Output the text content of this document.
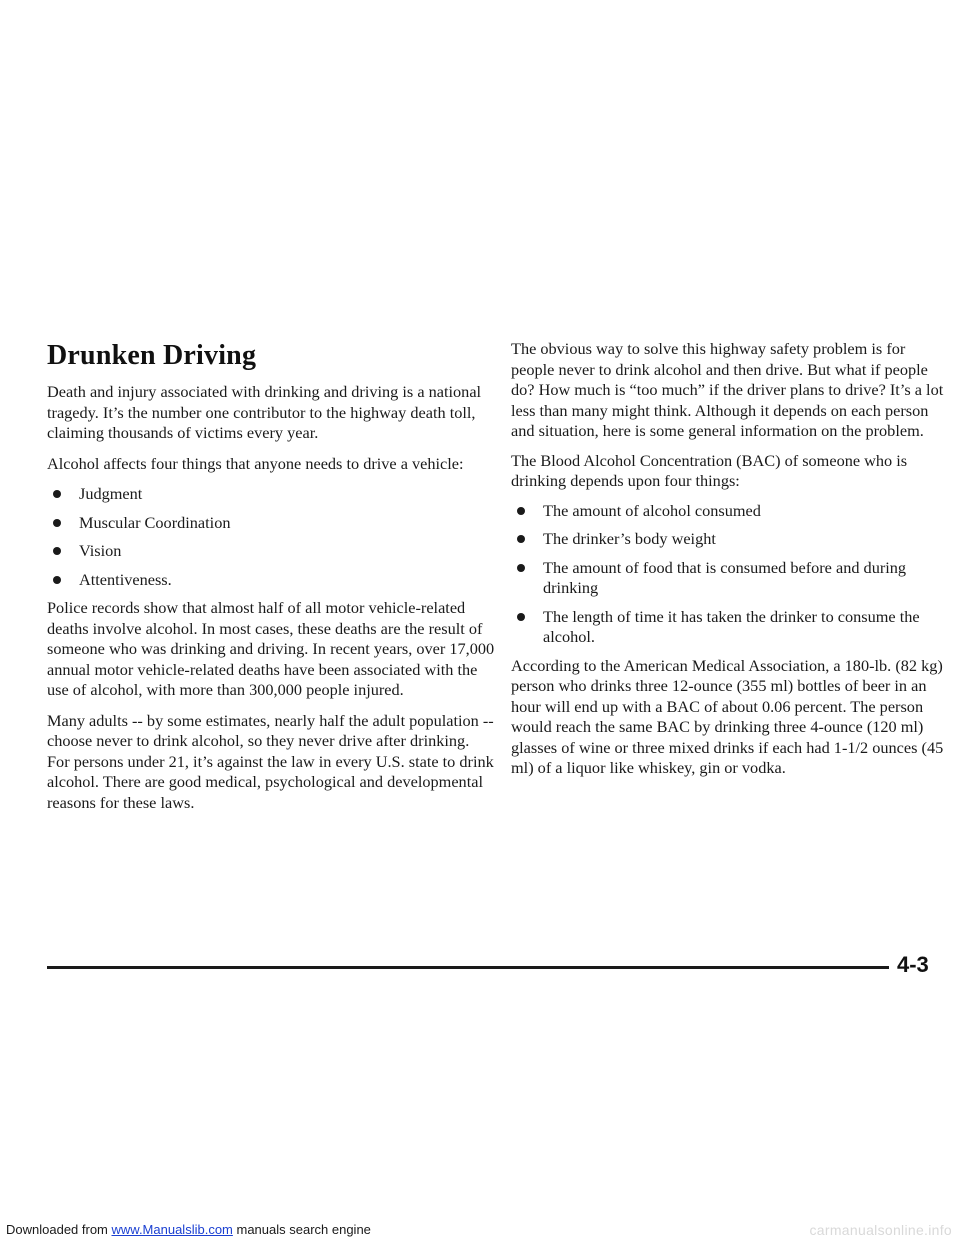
Drunken Driving

Death and injury associated with drinking and driving is a national tragedy. It’s the number one contributor to the highway death toll, claiming thousands of victims every year.

Alcohol affects four things that anyone needs to drive a vehicle:

Judgment
Muscular Coordination
Vision
Attentiveness.

Police records show that almost half of all motor vehicle-related deaths involve alcohol. In most cases, these deaths are the result of someone who was drinking and driving. In recent years, over 17,000 annual motor vehicle-related deaths have been associated with the use of alcohol, with more than 300,000 people injured.

Many adults -- by some estimates, nearly half the adult population -- choose never to drink alcohol, so they never drive after drinking. For persons under 21, it’s against the law in every U.S. state to drink alcohol. There are good medical, psychological and developmental reasons for these laws.

The obvious way to solve this highway safety problem is for people never to drink alcohol and then drive. But what if people do? How much is “too much” if the driver plans to drive? It’s a lot less than many might think. Although it depends on each person and situation, here is some general information on the problem.

The Blood Alcohol Concentration (BAC) of someone who is drinking depends upon four things:

The amount of alcohol consumed
The drinker’s body weight
The amount of food that is consumed before and during drinking
The length of time it has taken the drinker to consume the alcohol.

According to the American Medical Association, a 180-lb. (82 kg) person who drinks three 12-ounce (355 ml) bottles of beer in an hour will end up with a BAC of about 0.06 percent. The person would reach the same BAC by drinking three 4-ounce (120 ml) glasses of wine or three mixed drinks if each had 1-1/2 ounces (45 ml) of a liquor like whiskey, gin or vodka.

4-3
Downloaded from www.Manualslib.com manuals search engine	carmanualsonline.info
